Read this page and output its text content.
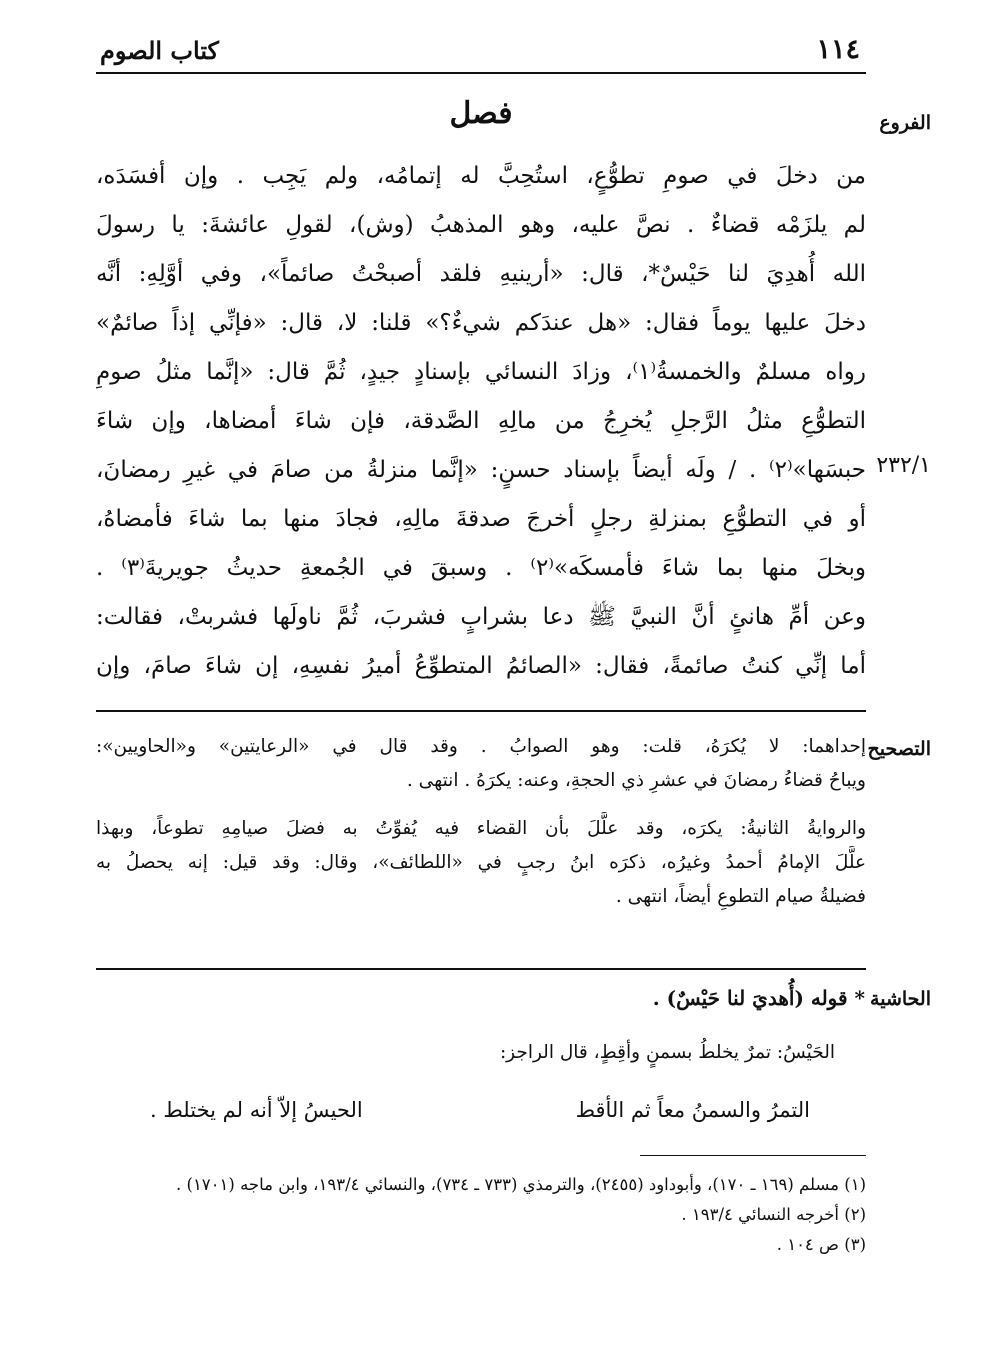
١١٤
كتاب الصوم
الفروع
٢٣٢/١
التصحيح
الحاشية
فصل
من دخلَ في صومِ تطوُّعٍ، استُحِبَّ له إتمامُه، ولم يَجِب . وإن أفسَدَه،
لم يلزَمْه قضاءٌ . نصَّ عليه، وهو المذهبُ (وش)، لقولِ عائشةَ: يا رسولَ
الله أُهدِيَ لنا حَيْسٌ*، قال: «أرينيهِ فلقد أصبحْتُ صائماً»، وفي أوَّلِهِ: أنَّه
دخلَ عليها يوماً فقال: «هل عندَكم شيءٌ؟» قلنا: لا، قال: «فإنِّي إذاً صائمٌ»
رواه مسلمٌ والخمسةُ⁽١⁾، وزادَ النسائي بإسنادٍ جيدٍ، ثُمَّ قال: «إنَّما مثلُ صومِ
التطوُّعِ مثلُ الرَّجلِ يُخرِجُ من مالِهِ الصَّدقة، فإن شاءَ أمضاها، وإن شاءَ
حبسَها»⁽٢⁾ . / ولَه أيضاً بإسناد حسنٍ: «إنَّما منزلةُ من صامَ في غيرِ رمضانَ،
أو في التطوُّعِ بمنزلةِ رجلٍ أخرجَ صدقةَ مالِهِ، فجادَ منها بما شاءَ فأمضاهُ،
وبخلَ منها بما شاءَ فأمسكَه»⁽٢⁾ . وسبقَ في الجُمعةِ حديثُ جويريةَ⁽٣⁾ .
وعن أمِّ هانئٍ أنَّ النبيَّ ﷺ دعا بشرابٍ فشربَ، ثُمَّ ناولَها فشربتْ، فقالت:
أما إنِّي كنتُ صائمةً، فقال: «الصائمُ المتطوِّعُ أميرُ نفسِهِ، إن شاءَ صامَ، وإن
إحداهما: لا يُكرَهُ، قلت: وهو الصوابُ . وقد قال في «الرعايتين» و«الحاويين»:
ويباحُ قضاءُ رمضانَ في عشرِ ذي الحجةِ، وعنه: يكرَهُ . انتهى .
والروايةُ الثانيةُ: يكرَه، وقد علَّلَ بأن القضاء فيه يُفوِّتُ به فضلَ صيامِهِ تطوعاً، وبهذا
علَّلَ الإمامُ أحمدُ وغيرُه، ذكرَه ابنُ رجبٍ في «اللطائف»، وقال: وقد قيل: إنه يحصلُ به
فضيلةُ صيام التطوعِ أيضاً، انتهى .
* قوله (أُهديَ لنا حَيْسٌ) .
الحَيْسُ: تمرٌ يخلطُ بسمنٍ وأقِطٍ، قال الراجز:
التمرُ والسمنُ معاً ثم الأقط
الحيسُ إلاّ أنه لم يختلط .
(١) مسلم (١٦٩ ـ ١٧٠)، وأبوداود (٢٤٥٥)، والترمذي (٧٣٣ ـ ٧٣٤)، والنسائي ١٩٣/٤، وابن ماجه (١٧٠١) .
(٢) أخرجه النسائي ١٩٣/٤ .
(٣) ص ١٠٤ .
